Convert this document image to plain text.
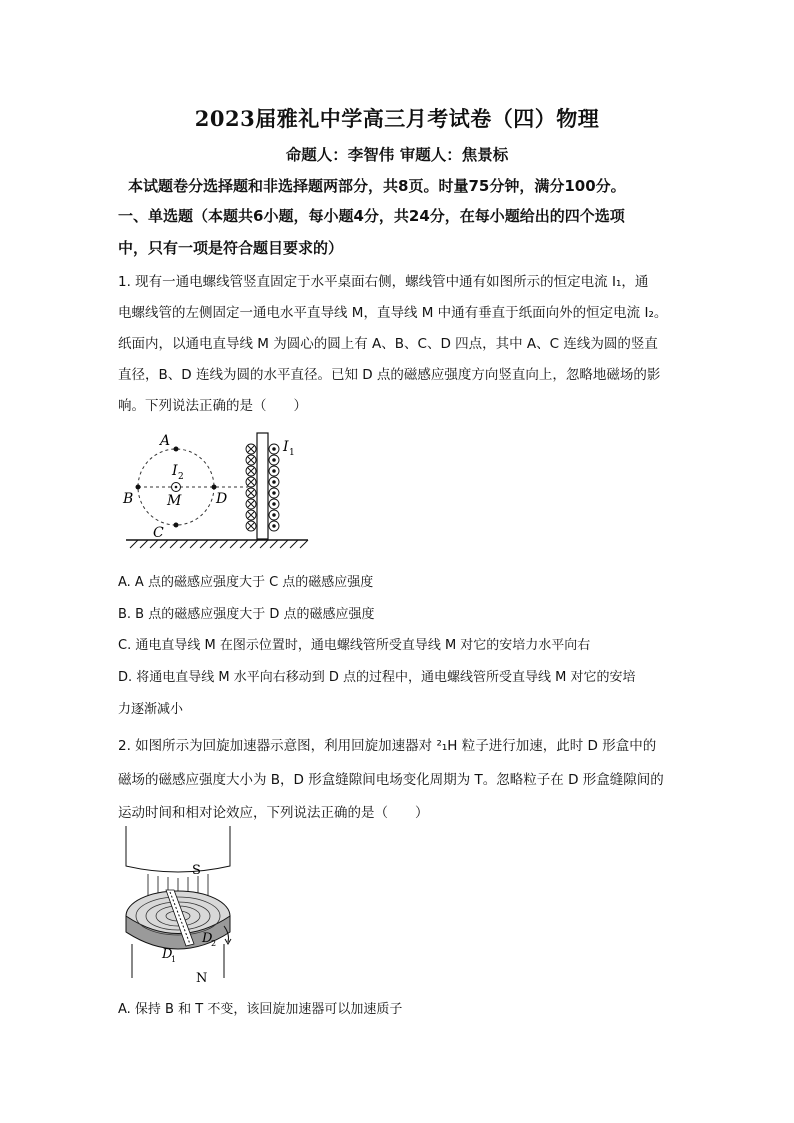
2023届雅礼中学高三月考试卷（四）物理
命题人：李智伟 审题人：焦景标
本试题卷分选择题和非选择题两部分，共8页。时量75分钟，满分100分。
一、单选题（本题共6小题，每小题4分，共24分，在每小题给出的四个选项
中，只有一项是符合题目要求的）
1. 现有一通电螺线管竖直固定于水平桌面右侧，螺线管中通有如图所示的恒定电流 I₁，通
电螺线管的左侧固定一通电水平直导线 M，直导线 M 中通有垂直于纸面向外的恒定电流 I₂。
纸面内，以通电直导线 M 为圆心的圆上有 A、B、C、D 四点，其中 A、C 连线为圆的竖直
直径，B、D 连线为圆的水平直径。已知 D 点的磁感应强度方向竖直向上，忽略地磁场的影
响。下列说法正确的是（　　）
A
B
C
D
M
I 2
I 1
A. A 点的磁感应强度大于 C 点的磁感应强度
B. B 点的磁感应强度大于 D 点的磁感应强度
C. 通电直导线 M 在图示位置时，通电螺线管所受直导线 M 对它的安培力水平向右
D. 将通电直导线 M 水平向右移动到 D 点的过程中，通电螺线管所受直导线 M 对它的安培
力逐渐减小
2. 如图所示为回旋加速器示意图，利用回旋加速器对 ²₁H 粒子进行加速，此时 D 形盒中的
磁场的磁感应强度大小为 B，D 形盒缝隙间电场变化周期为 T。忽略粒子在 D 形盒缝隙间的
运动时间和相对论效应，下列说法正确的是（　　）
S
D
1
D
2
N
A. 保持 B 和 T 不变，该回旋加速器可以加速质子
